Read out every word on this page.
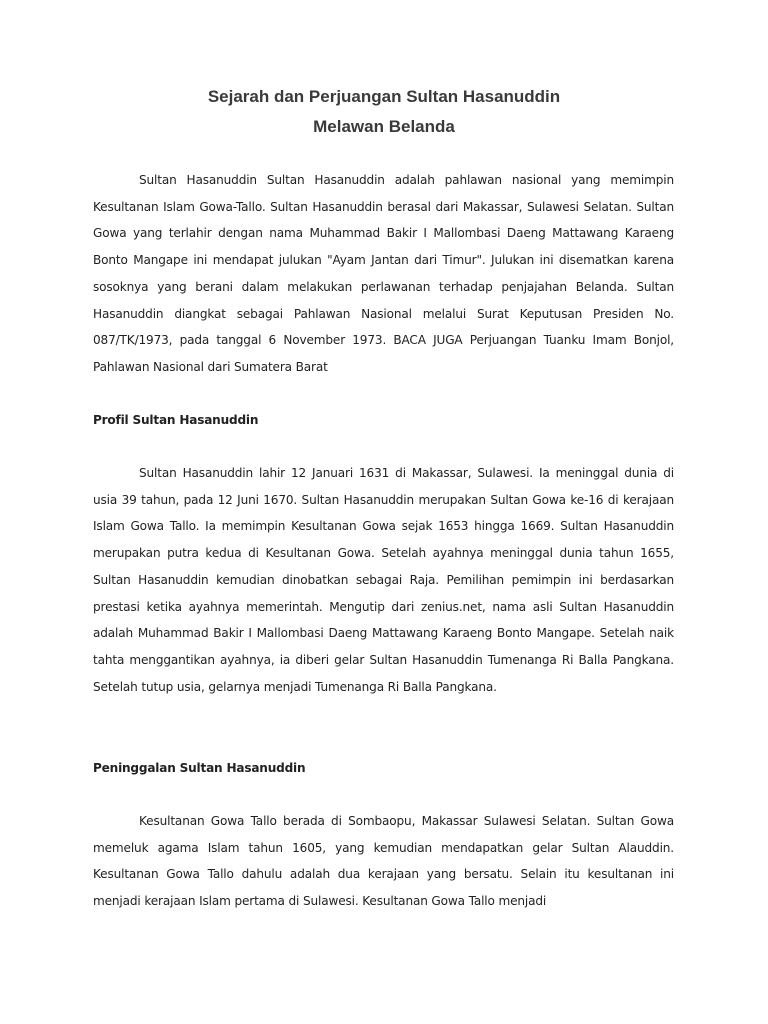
Sejarah dan Perjuangan Sultan Hasanuddin
Melawan Belanda

Sultan Hasanuddin Sultan Hasanuddin adalah pahlawan nasional yang memimpin Kesultanan Islam Gowa-Tallo. Sultan Hasanuddin berasal dari Makassar, Sulawesi Selatan. Sultan Gowa yang terlahir dengan nama Muhammad Bakir I Mallombasi Daeng Mattawang Karaeng Bonto Mangape ini mendapat julukan "Ayam Jantan dari Timur". Julukan ini disematkan karena sosoknya yang berani dalam melakukan perlawanan terhadap penjajahan Belanda. Sultan Hasanuddin diangkat sebagai Pahlawan Nasional melalui Surat Keputusan Presiden No. 087/TK/1973, pada tanggal 6 November 1973. BACA JUGA Perjuangan Tuanku Imam Bonjol, Pahlawan Nasional dari Sumatera Barat

Profil Sultan Hasanuddin

Sultan Hasanuddin lahir 12 Januari 1631 di Makassar, Sulawesi. Ia meninggal dunia di usia 39 tahun, pada 12 Juni 1670. Sultan Hasanuddin merupakan Sultan Gowa ke-16 di kerajaan Islam Gowa Tallo. Ia memimpin Kesultanan Gowa sejak 1653 hingga 1669. Sultan Hasanuddin merupakan putra kedua di Kesultanan Gowa. Setelah ayahnya meninggal dunia tahun 1655, Sultan Hasanuddin kemudian dinobatkan sebagai Raja. Pemilihan pemimpin ini berdasarkan prestasi ketika ayahnya memerintah. Mengutip dari zenius.net, nama asli Sultan Hasanuddin adalah Muhammad Bakir I Mallombasi Daeng Mattawang Karaeng Bonto Mangape. Setelah naik tahta menggantikan ayahnya, ia diberi gelar Sultan Hasanuddin Tumenanga Ri Balla Pangkana. Setelah tutup usia, gelarnya menjadi Tumenanga Ri Balla Pangkana.

Peninggalan Sultan Hasanuddin

Kesultanan Gowa Tallo berada di Sombaopu, Makassar Sulawesi Selatan. Sultan Gowa memeluk agama Islam tahun 1605, yang kemudian mendapatkan gelar Sultan Alauddin. Kesultanan Gowa Tallo dahulu adalah dua kerajaan yang bersatu. Selain itu kesultanan ini menjadi kerajaan Islam pertama di Sulawesi. Kesultanan Gowa Tallo menjadi
